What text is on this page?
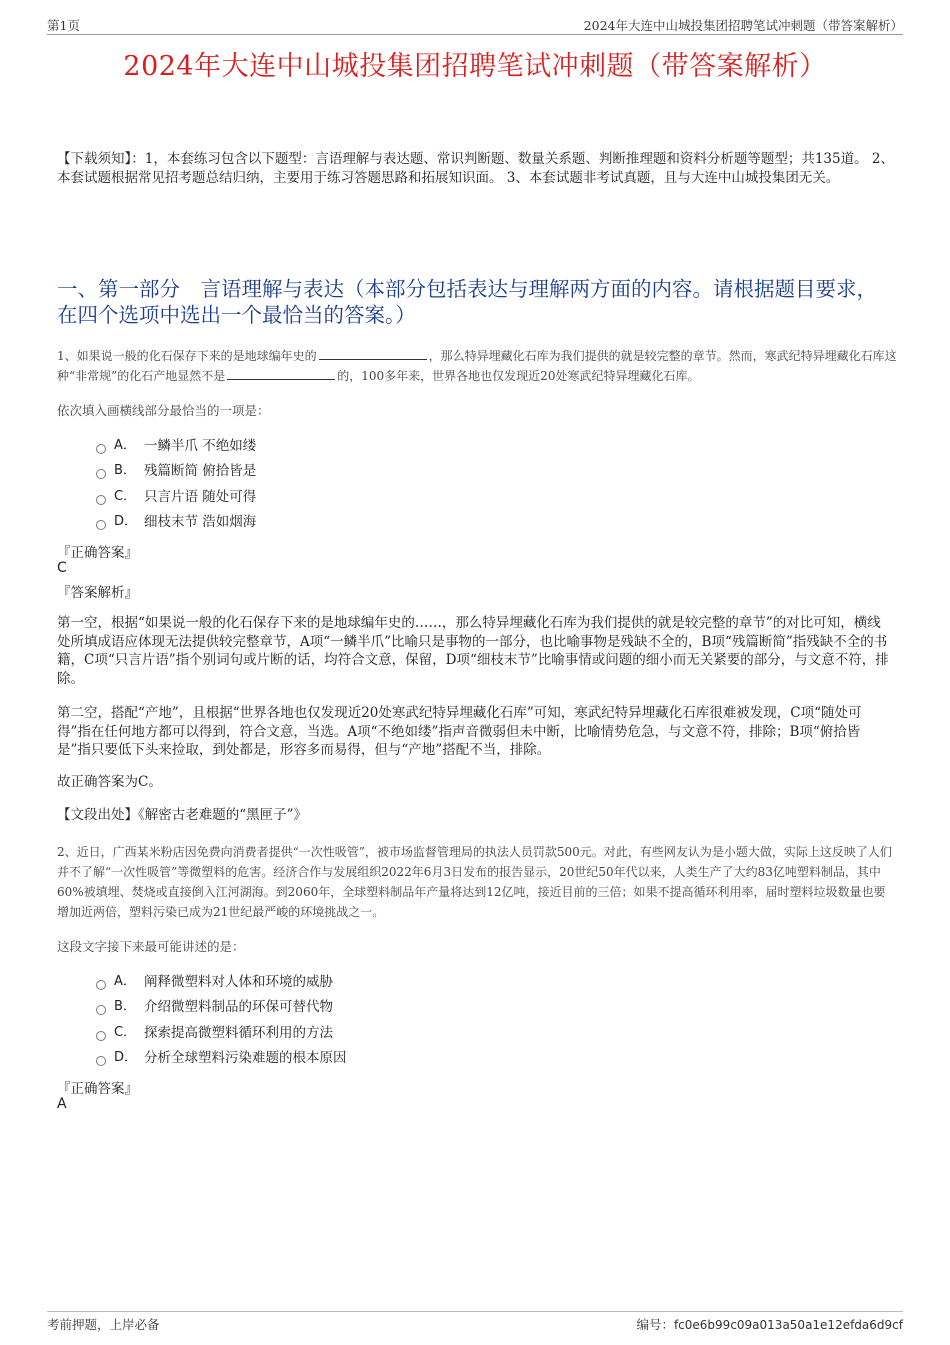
第1页	2024年大连中山城投集团招聘笔试冲刺题（带答案解析）
2024年大连中山城投集团招聘笔试冲刺题（带答案解析）
【下载须知】：1，本套练习包含以下题型：言语理解与表达题、常识判断题、数量关系题、判断推理题和资料分析题等题型；共135道。 2、本套试题根据常见招考题总结归纳，主要用于练习答题思路和拓展知识面。 3、本套试题非考试真题，且与大连中山城投集团无关。
一、第一部分　言语理解与表达（本部分包括表达与理解两方面的内容。请根据题目要求，在四个选项中选出一个最恰当的答案。）
1、如果说一般的化石保存下来的是地球编年史的	，那么特异埋藏化石库为我们提供的就是较完整的章节。然而，寒武纪特异埋藏化石库这种“非常规”的化石产地显然不是	的，100多年来，世界各地也仅发现近20处寒武纪特异埋藏化石库。
依次填入画横线部分最恰当的一项是：
A． 一鳞半爪 不绝如缕
B． 残篇断简 俯拾皆是
C． 只言片语 随处可得
D． 细枝末节 浩如烟海
『正确答案』
C
『答案解析』
第一空，根据“如果说一般的化石保存下来的是地球编年史的……，那么特异埋藏化石库为我们提供的就是较完整的章节”的对比可知，横线处所填成语应体现无法提供较完整章节，A项“一鳞半爪”比喻只是事物的一部分，也比喻事物是残缺不全的，B项“残篇断简”指残缺不全的书籍，C项“只言片语”指个别词句或片断的话，均符合文意，保留，D项“细枝末节”比喻事情或问题的细小而无关紧要的部分，与文意不符，排除。
第二空，搭配“产地”，且根据“世界各地也仅发现近20处寒武纪特异埋藏化石库”可知，寒武纪特异埋藏化石库很难被发现，C项“随处可得”指在任何地方都可以得到，符合文意，当选。A项“不绝如缕”指声音微弱但未中断，比喻情势危急，与文意不符，排除；B项“俯拾皆是”指只要低下头来捡取，到处都是，形容多而易得，但与“产地”搭配不当，排除。
故正确答案为C。
【文段出处】《解密古老难题的“黑匣子”》
2、近日，广西某米粉店因免费向消费者提供“一次性吸管”，被市场监督管理局的执法人员罚款500元。对此，有些网友认为是小题大做，实际上这反映了人们并不了解“一次性吸管”等微塑料的危害。经济合作与发展组织2022年6月3日发布的报告显示，20世纪50年代以来，人类生产了大约83亿吨塑料制品，其中60%被填埋、焚烧或直接倒入江河湖海。到2060年，全球塑料制品年产量将达到12亿吨，接近目前的三倍；如果不提高循环利用率，届时塑料垃圾数量也要增加近两倍，塑料污染已成为21世纪最严峻的环境挑战之一。
这段文字接下来最可能讲述的是：
A． 阐释微塑料对人体和环境的威胁
B． 介绍微塑料制品的环保可替代物
C． 探索提高微塑料循环利用的方法
D． 分析全球塑料污染难题的根本原因
『正确答案』
A
考前押题，上岸必备	编号：fc0e6b99c09a013a50a1e12efda6d9cf
